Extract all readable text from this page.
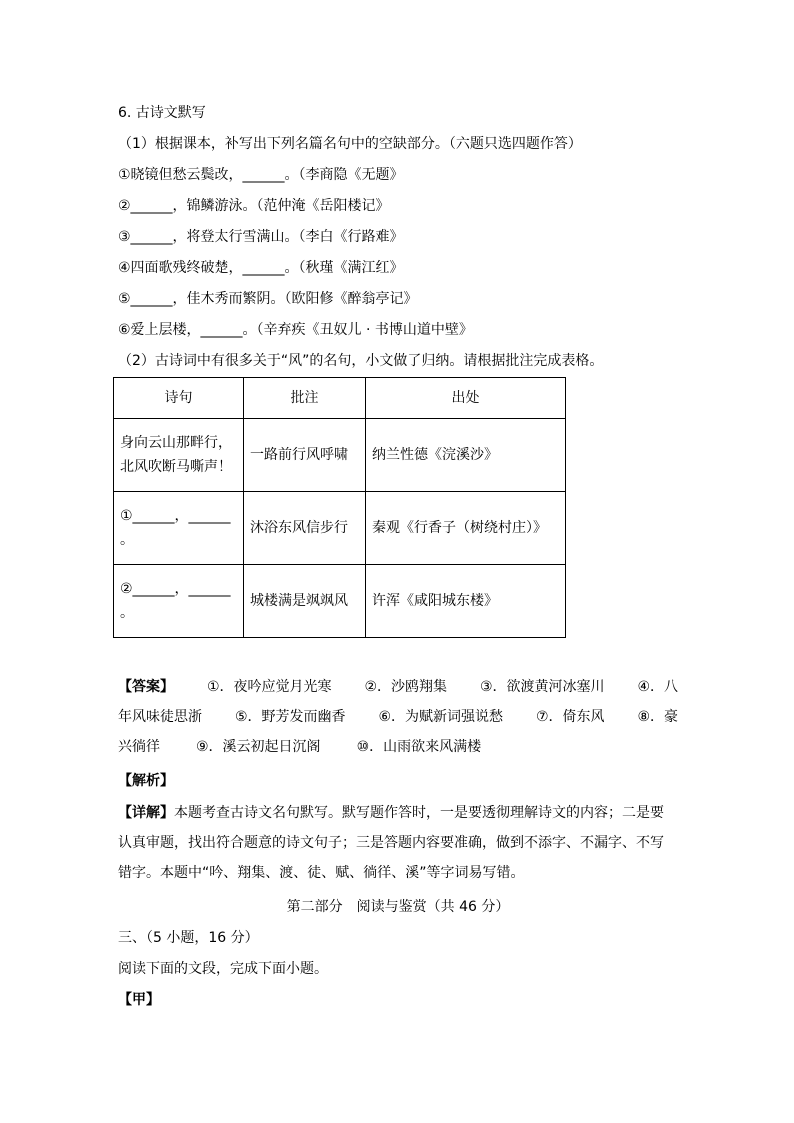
6. 古诗文默写
（1）根据课本，补写出下列名篇名句中的空缺部分。（六题只选四题作答）
①晓镜但愁云鬓改，______。（李商隐《无题》
②______，锦鳞游泳。（范仲淹《岳阳楼记》
③______，将登太行雪满山。（李白《行路难》
④四面歌残终破楚，______。（秋瑾《满江红》
⑤______，佳木秀而繁阴。（欧阳修《醉翁亭记》
⑥爱上层楼，______。（辛弃疾《丑奴儿 · 书博山道中壁》
（2）古诗词中有很多关于“风”的名句，小文做了归纳。请根据批注完成表格。
诗句	批注	出处

身向云山那畔行，
北风吹断马嘶声！	一路前行风呼啸	纳兰性德《浣溪沙》

①______，______
。	沐浴东风信步行	秦观《行香子（树绕村庄）》

②______，______
。	城楼满是飒飒风	许浑《咸阳城东楼》
【答案】 ①．夜吟应觉月光寒 ②．沙鸥翔集 ③．欲渡黄河冰塞川 ④．八
年风味徒思浙 ⑤．野芳发而幽香 ⑥．为赋新词强说愁 ⑦．倚东风 ⑧．豪
兴徜徉	⑨．溪云初起日沉阁	⑩．山雨欲来风满楼
【解析】
【详解】本题考查古诗文名句默写。默写题作答时，一是要透彻理解诗文的内容；二是要
认真审题，找出符合题意的诗文句子；三是答题内容要准确，做到不添字、不漏字、不写
错字。本题中“吟、翔集、渡、徒、赋、徜徉、溪”等字词易写错。
第二部分　阅读与鉴赏（共 46 分）
三、（5 小题，16 分）
阅读下面的文段，完成下面小题。
【甲】
